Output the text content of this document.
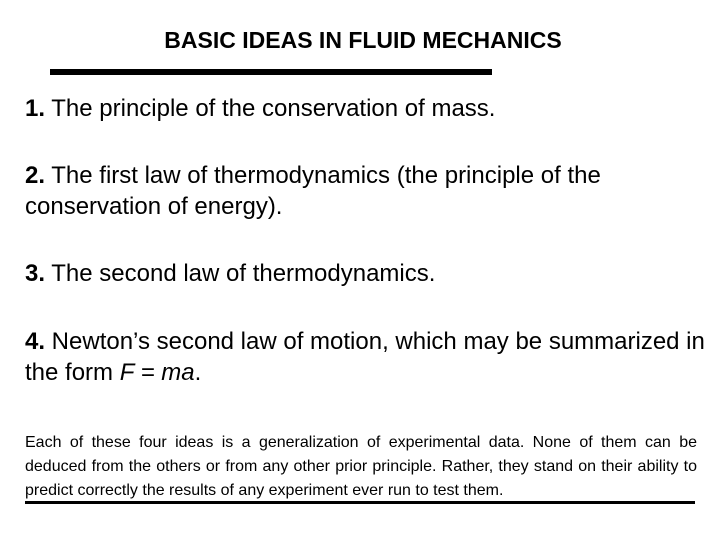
BASIC IDEAS IN FLUID MECHANICS
1. The principle of the conservation of mass.
2. The first law of thermodynamics (the principle of the conservation of energy).
3. The second law of thermodynamics.
4. Newton’s second law of motion, which may be summarized in the form F = ma.
Each of these four ideas is a generalization of experimental data. None of them can be deduced from the others or from any other prior principle. Rather, they stand on their ability to predict correctly the results of any experiment ever run to test them.
